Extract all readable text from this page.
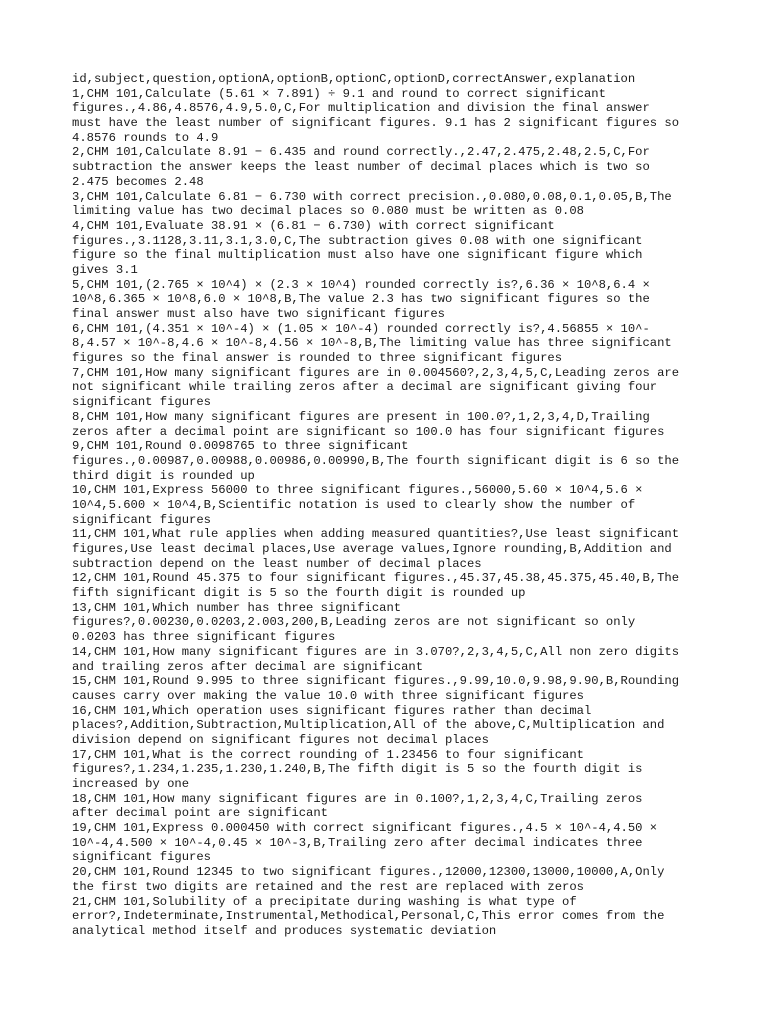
id,subject,question,optionA,optionB,optionC,optionD,correctAnswer,explanation
1,CHM 101,Calculate (5.61 × 7.891) ÷ 9.1 and round to correct significant
figures.,4.86,4.8576,4.9,5.0,C,For multiplication and division the final answer
must have the least number of significant figures. 9.1 has 2 significant figures so
4.8576 rounds to 4.9
2,CHM 101,Calculate 8.91 − 6.435 and round correctly.,2.47,2.475,2.48,2.5,C,For
subtraction the answer keeps the least number of decimal places which is two so
2.475 becomes 2.48
3,CHM 101,Calculate 6.81 − 6.730 with correct precision.,0.080,0.08,0.1,0.05,B,The
limiting value has two decimal places so 0.080 must be written as 0.08
4,CHM 101,Evaluate 38.91 × (6.81 − 6.730) with correct significant
figures.,3.1128,3.11,3.1,3.0,C,The subtraction gives 0.08 with one significant
figure so the final multiplication must also have one significant figure which
gives 3.1
5,CHM 101,(2.765 × 10^4) × (2.3 × 10^4) rounded correctly is?,6.36 × 10^8,6.4 ×
10^8,6.365 × 10^8,6.0 × 10^8,B,The value 2.3 has two significant figures so the
final answer must also have two significant figures
6,CHM 101,(4.351 × 10^-4) × (1.05 × 10^-4) rounded correctly is?,4.56855 × 10^-
8,4.57 × 10^-8,4.6 × 10^-8,4.56 × 10^-8,B,The limiting value has three significant
figures so the final answer is rounded to three significant figures
7,CHM 101,How many significant figures are in 0.004560?,2,3,4,5,C,Leading zeros are
not significant while trailing zeros after a decimal are significant giving four
significant figures
8,CHM 101,How many significant figures are present in 100.0?,1,2,3,4,D,Trailing
zeros after a decimal point are significant so 100.0 has four significant figures
9,CHM 101,Round 0.0098765 to three significant
figures.,0.00987,0.00988,0.00986,0.00990,B,The fourth significant digit is 6 so the
third digit is rounded up
10,CHM 101,Express 56000 to three significant figures.,56000,5.60 × 10^4,5.6 ×
10^4,5.600 × 10^4,B,Scientific notation is used to clearly show the number of
significant figures
11,CHM 101,What rule applies when adding measured quantities?,Use least significant
figures,Use least decimal places,Use average values,Ignore rounding,B,Addition and
subtraction depend on the least number of decimal places
12,CHM 101,Round 45.375 to four significant figures.,45.37,45.38,45.375,45.40,B,The
fifth significant digit is 5 so the fourth digit is rounded up
13,CHM 101,Which number has three significant
figures?,0.00230,0.0203,2.003,200,B,Leading zeros are not significant so only
0.0203 has three significant figures
14,CHM 101,How many significant figures are in 3.070?,2,3,4,5,C,All non zero digits
and trailing zeros after decimal are significant
15,CHM 101,Round 9.995 to three significant figures.,9.99,10.0,9.98,9.90,B,Rounding
causes carry over making the value 10.0 with three significant figures
16,CHM 101,Which operation uses significant figures rather than decimal
places?,Addition,Subtraction,Multiplication,All of the above,C,Multiplication and
division depend on significant figures not decimal places
17,CHM 101,What is the correct rounding of 1.23456 to four significant
figures?,1.234,1.235,1.230,1.240,B,The fifth digit is 5 so the fourth digit is
increased by one
18,CHM 101,How many significant figures are in 0.100?,1,2,3,4,C,Trailing zeros
after decimal point are significant
19,CHM 101,Express 0.000450 with correct significant figures.,4.5 × 10^-4,4.50 ×
10^-4,4.500 × 10^-4,0.45 × 10^-3,B,Trailing zero after decimal indicates three
significant figures
20,CHM 101,Round 12345 to two significant figures.,12000,12300,13000,10000,A,Only
the first two digits are retained and the rest are replaced with zeros
21,CHM 101,Solubility of a precipitate during washing is what type of
error?,Indeterminate,Instrumental,Methodical,Personal,C,This error comes from the
analytical method itself and produces systematic deviation
